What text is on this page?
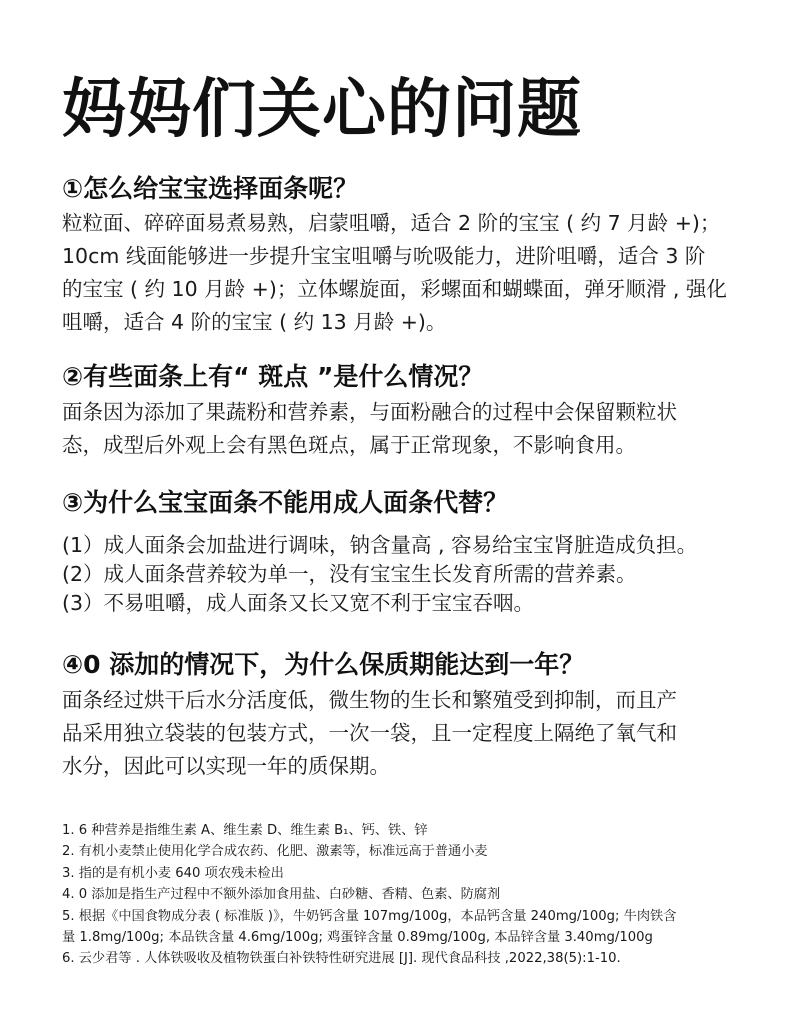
妈妈们关心的问题
①怎么给宝宝选择面条呢？
粒粒面、碎碎面易煮易熟，启蒙咀嚼，适合 2 阶的宝宝 ( 约 7 月龄 +)；
10cm 线面能够进一步提升宝宝咀嚼与吮吸能力，进阶咀嚼，适合 3 阶
的宝宝 ( 约 10 月龄 +)；立体螺旋面，彩螺面和蝴蝶面，弹牙顺滑 , 强化
咀嚼，适合 4 阶的宝宝 ( 约 13 月龄 +)。
②有些面条上有“ 斑点 ”是什么情况？
面条因为添加了果蔬粉和营养素，与面粉融合的过程中会保留颗粒状
态，成型后外观上会有黑色斑点，属于正常现象，不影响食用。
③为什么宝宝面条不能用成人面条代替？
(1）成人面条会加盐进行调味，钠含量高 , 容易给宝宝肾脏造成负担。
(2）成人面条营养较为单一，没有宝宝生长发育所需的营养素。
(3）不易咀嚼，成人面条又长又宽不利于宝宝吞咽。
④0 添加的情况下，为什么保质期能达到一年？
面条经过烘干后水分活度低，微生物的生长和繁殖受到抑制，而且产
品采用独立袋装的包装方式，一次一袋，且一定程度上隔绝了氧气和
水分，因此可以实现一年的质保期。
1. 6 种营养是指维生素 A、维生素 D、维生素 B₁、钙、铁、锌
2. 有机小麦禁止使用化学合成农药、化肥、激素等，标准远高于普通小麦
3. 指的是有机小麦 640 项农残未检出
4. 0 添加是指生产过程中不额外添加食用盐、白砂糖、香精、色素、防腐剂
5. 根据《中国食物成分表 ( 标准版 )》，牛奶钙含量 107mg/100g，本品钙含量 240mg/100g; 牛肉铁含
量 1.8mg/100g; 本品铁含量 4.6mg/100g; 鸡蛋锌含量 0.89mg/100g, 本品锌含量 3.40mg/100g
6. 云少君等 . 人体铁吸收及植物铁蛋白补铁特性研究进展 [J]. 现代食品科技 ,2022,38(5):1-10.
